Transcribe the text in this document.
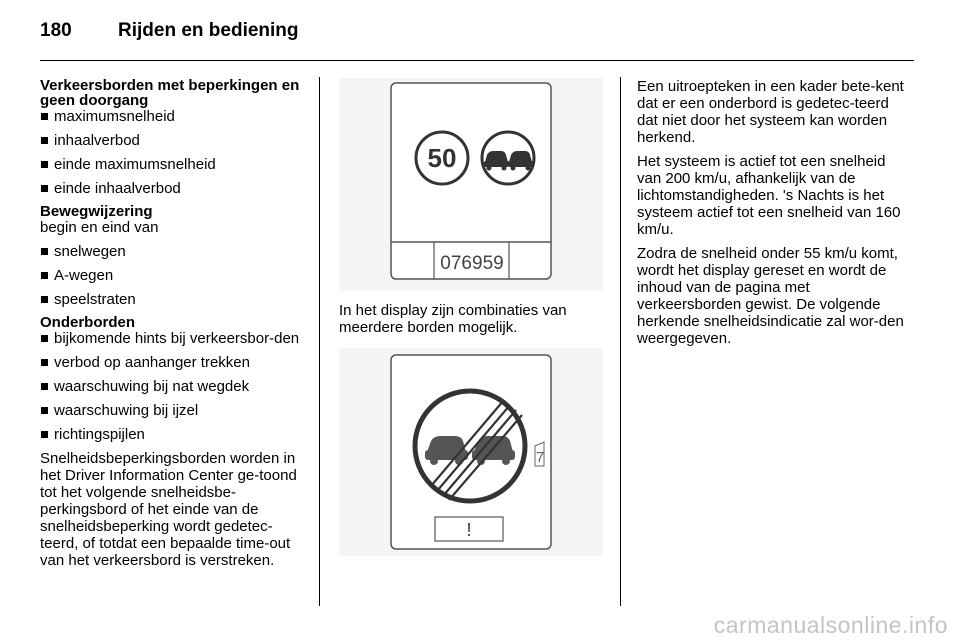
180 Rijden en bediening
Verkeersborden met beperkingen en geen doorgang
maximumsnelheid
inhaalverbod
einde maximumsnelheid
einde inhaalverbod
Bewegwijzering

begin en eind van

snelwegen
A-wegen
speelstraten
Onderborden
bijkomende hints bij verkeersbor-den
verbod op aanhanger trekken
waarschuwing bij nat wegdek
waarschuwing bij ijzel
richtingspijlen

Snelheidsbeperkingsborden worden in het Driver Information Center ge-toond tot het volgende snelheidsbe-perkingsbord of het einde van de snelheidsbeperking wordt gedetec-teerd, of totdat een bepaalde time-out van het verkeersbord is verstreken.

50
076959

In het display zijn combinaties van meerdere borden mogelijk.

7
!

Een uitroepteken in een kader bete-kent dat er een onderbord is gedetec-teerd dat niet door het systeem kan worden herkend.

Het systeem is actief tot een snelheid van 200 km/u, afhankelijk van de lichtomstandigheden. 's Nachts is het systeem actief tot een snelheid van 160 km/u.

Zodra de snelheid onder 55 km/u komt, wordt het display gereset en wordt de inhoud van de pagina met verkeersborden gewist. De volgende herkende snelheidsindicatie zal wor-den weergegeven.

carmanualsonline.info
